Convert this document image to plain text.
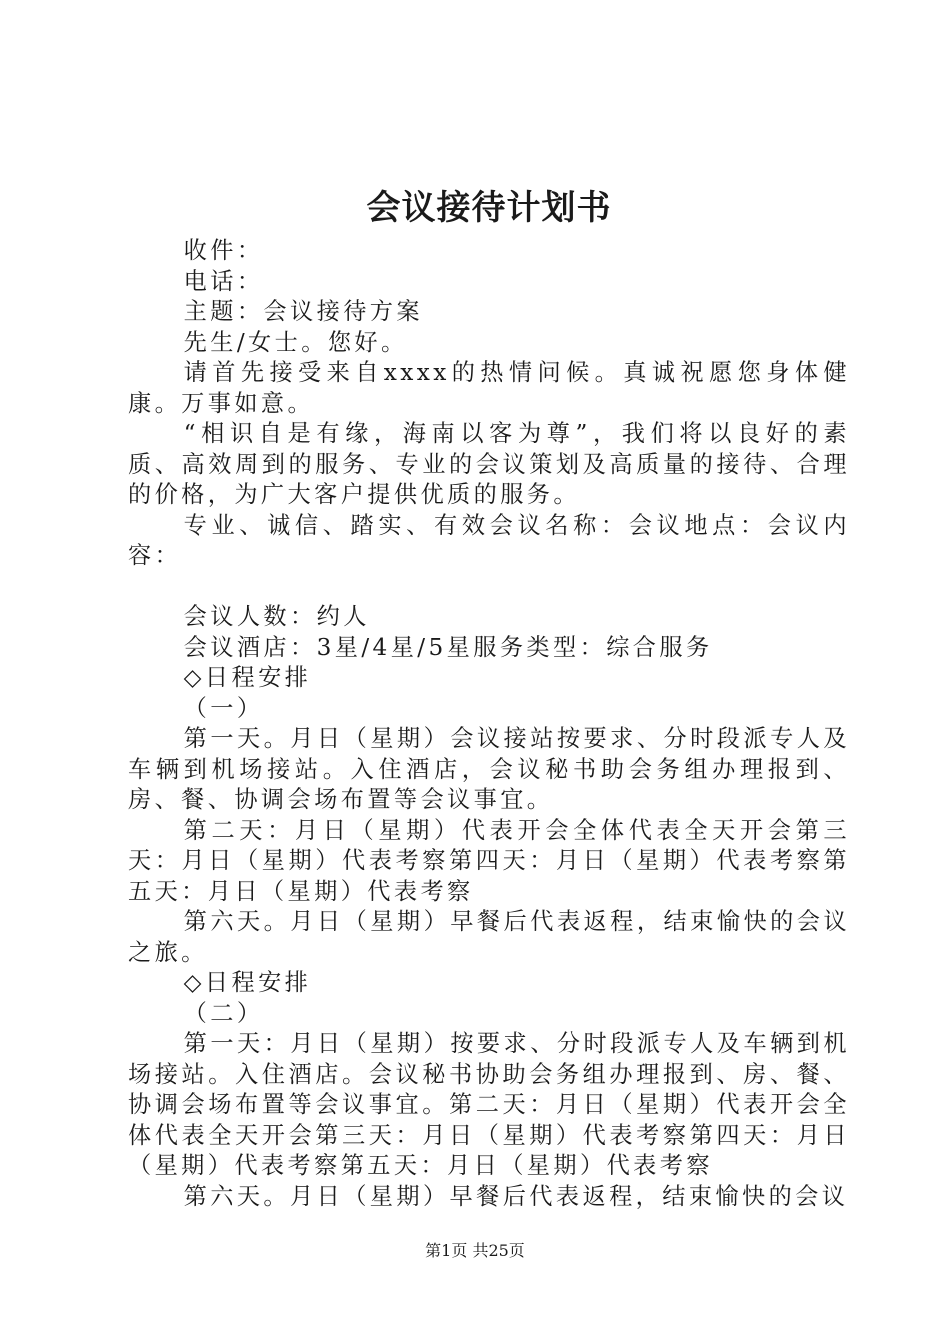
会议接待计划书

收件：

电话：

主题：会议接待方案

先生/女士。您好。

请首先接受来自xxxx的热情问候。真诚祝愿您身体健康。万事如意。

“相识自是有缘，海南以客为尊”，我们将以良好的素质、高效周到的服务、专业的会议策划及高质量的接待、合理的价格，为广大客户提供优质的服务。

专业、诚信、踏实、有效会议名称：会议地点：会议内容：

会议人数：约人

会议酒店：3星/4星/5星服务类型：综合服务

◇日程安排

（一）

第一天。月日（星期）会议接站按要求、分时段派专人及车辆到机场接站。入住酒店，会议秘书助会务组办理报到、房、餐、协调会场布置等会议事宜。

第二天：月日（星期）代表开会全体代表全天开会第三天：月日（星期）代表考察第四天：月日（星期）代表考察第五天：月日（星期）代表考察

第六天。月日（星期）早餐后代表返程，结束愉快的会议之旅。

◇日程安排

（二）

第一天：月日（星期）按要求、分时段派专人及车辆到机场接站。入住酒店。会议秘书协助会务组办理报到、房、餐、协调会场布置等会议事宜。第二天：月日（星期）代表开会全体代表全天开会第三天：月日（星期）代表考察第四天：月日（星期）代表考察第五天：月日（星期）代表考察

第六天。月日（星期）早餐后代表返程，结束愉快的会议

第1页 共25页
